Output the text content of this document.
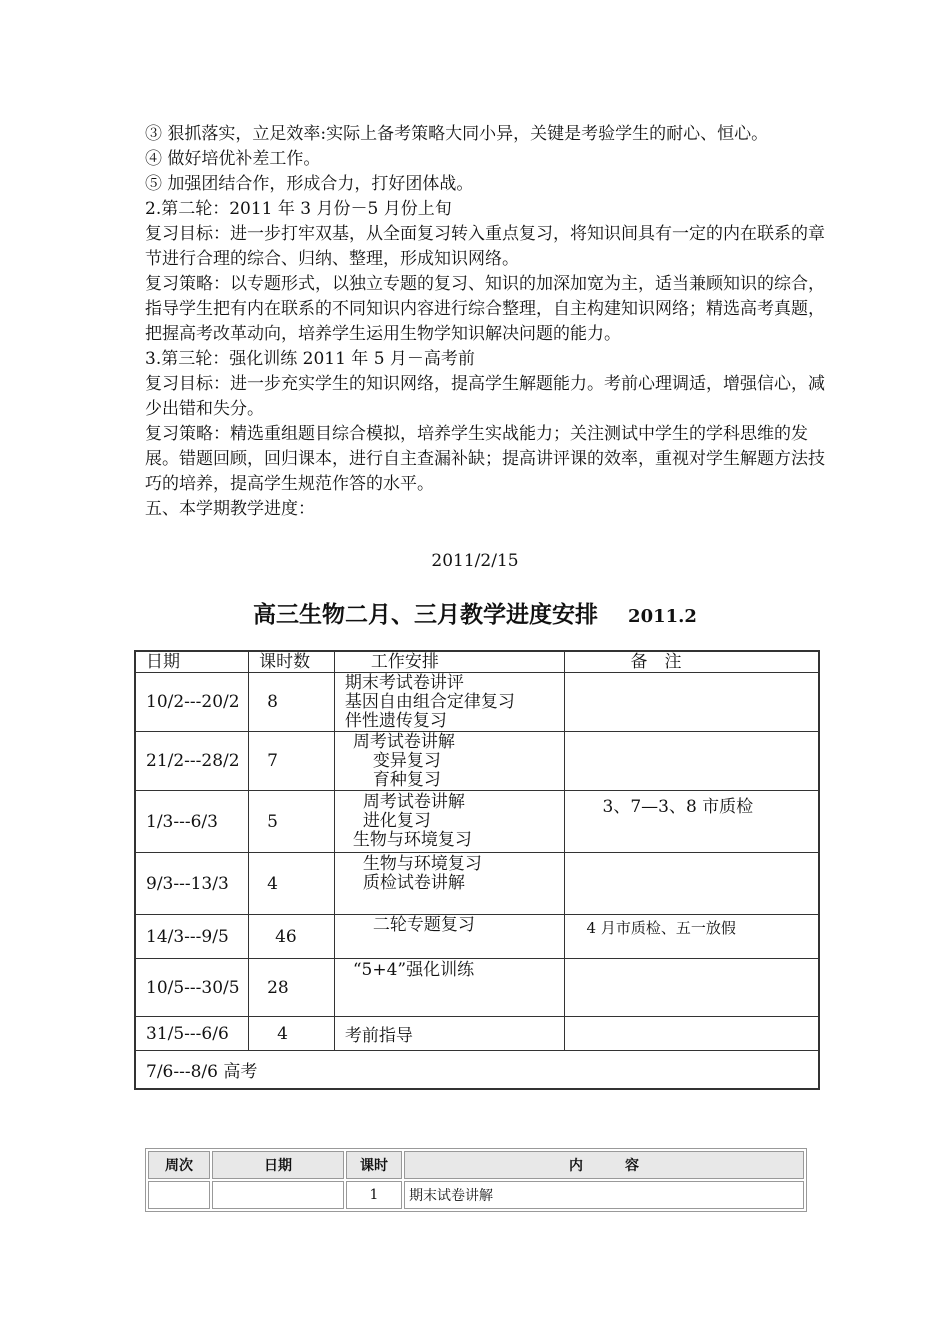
③ 狠抓落实，立足效率:实际上备考策略大同小异，关键是考验学生的耐心、恒心。

④ 做好培优补差工作。

⑤ 加强团结合作，形成合力，打好团体战。

2.第二轮：2011 年 3 月份－5 月份上旬

复习目标：进一步打牢双基，从全面复习转入重点复习，将知识间具有一定的内在联系的章节进行合理的综合、归纳、整理，形成知识网络。

复习策略：以专题形式，以独立专题的复习、知识的加深加宽为主，适当兼顾知识的综合，指导学生把有内在联系的不同知识内容进行综合整理，自主构建知识网络；精选高考真题，把握高考改革动向，培养学生运用生物学知识解决问题的能力。

3.第三轮：强化训练 2011 年 5 月－高考前

复习目标：进一步充实学生的知识网络，提高学生解题能力。考前心理调适，增强信心，减少出错和失分。

复习策略：精选重组题目综合模拟，培养学生实战能力；关注测试中学生的学科思维的发展。错题回顾，回归课本，进行自主查漏补缺；提高讲评课的效率，重视对学生解题方法技巧的培养，提高学生规范作答的水平。

五、本学期教学进度：

2011/2/15
高三生物二月、三月教学进度安排 2011.2
日期	课时数	工作安排	备　注
10/2---20/2	8	期末考试卷讲评
基因自由组合定律复习
伴性遗传复习	

21/2---28/2	7	周考试卷讲解
变异复习
育种复习	

1/3---6/3	5	周考试卷讲解
进化复习
生物与环境复习	3、7—3、8 市质检
9/3---13/3	4	生物与环境复习
质检试卷讲解	

14/3---9/5	46	二轮专题复习	4 月市质检、五一放假
10/5---30/5	28	“5+4”强化训练	

31/5---6/6	4	考前指导	
7/6---8/6 高考			
周次	日期	课时	内　　　容
		1	期末试卷讲解
